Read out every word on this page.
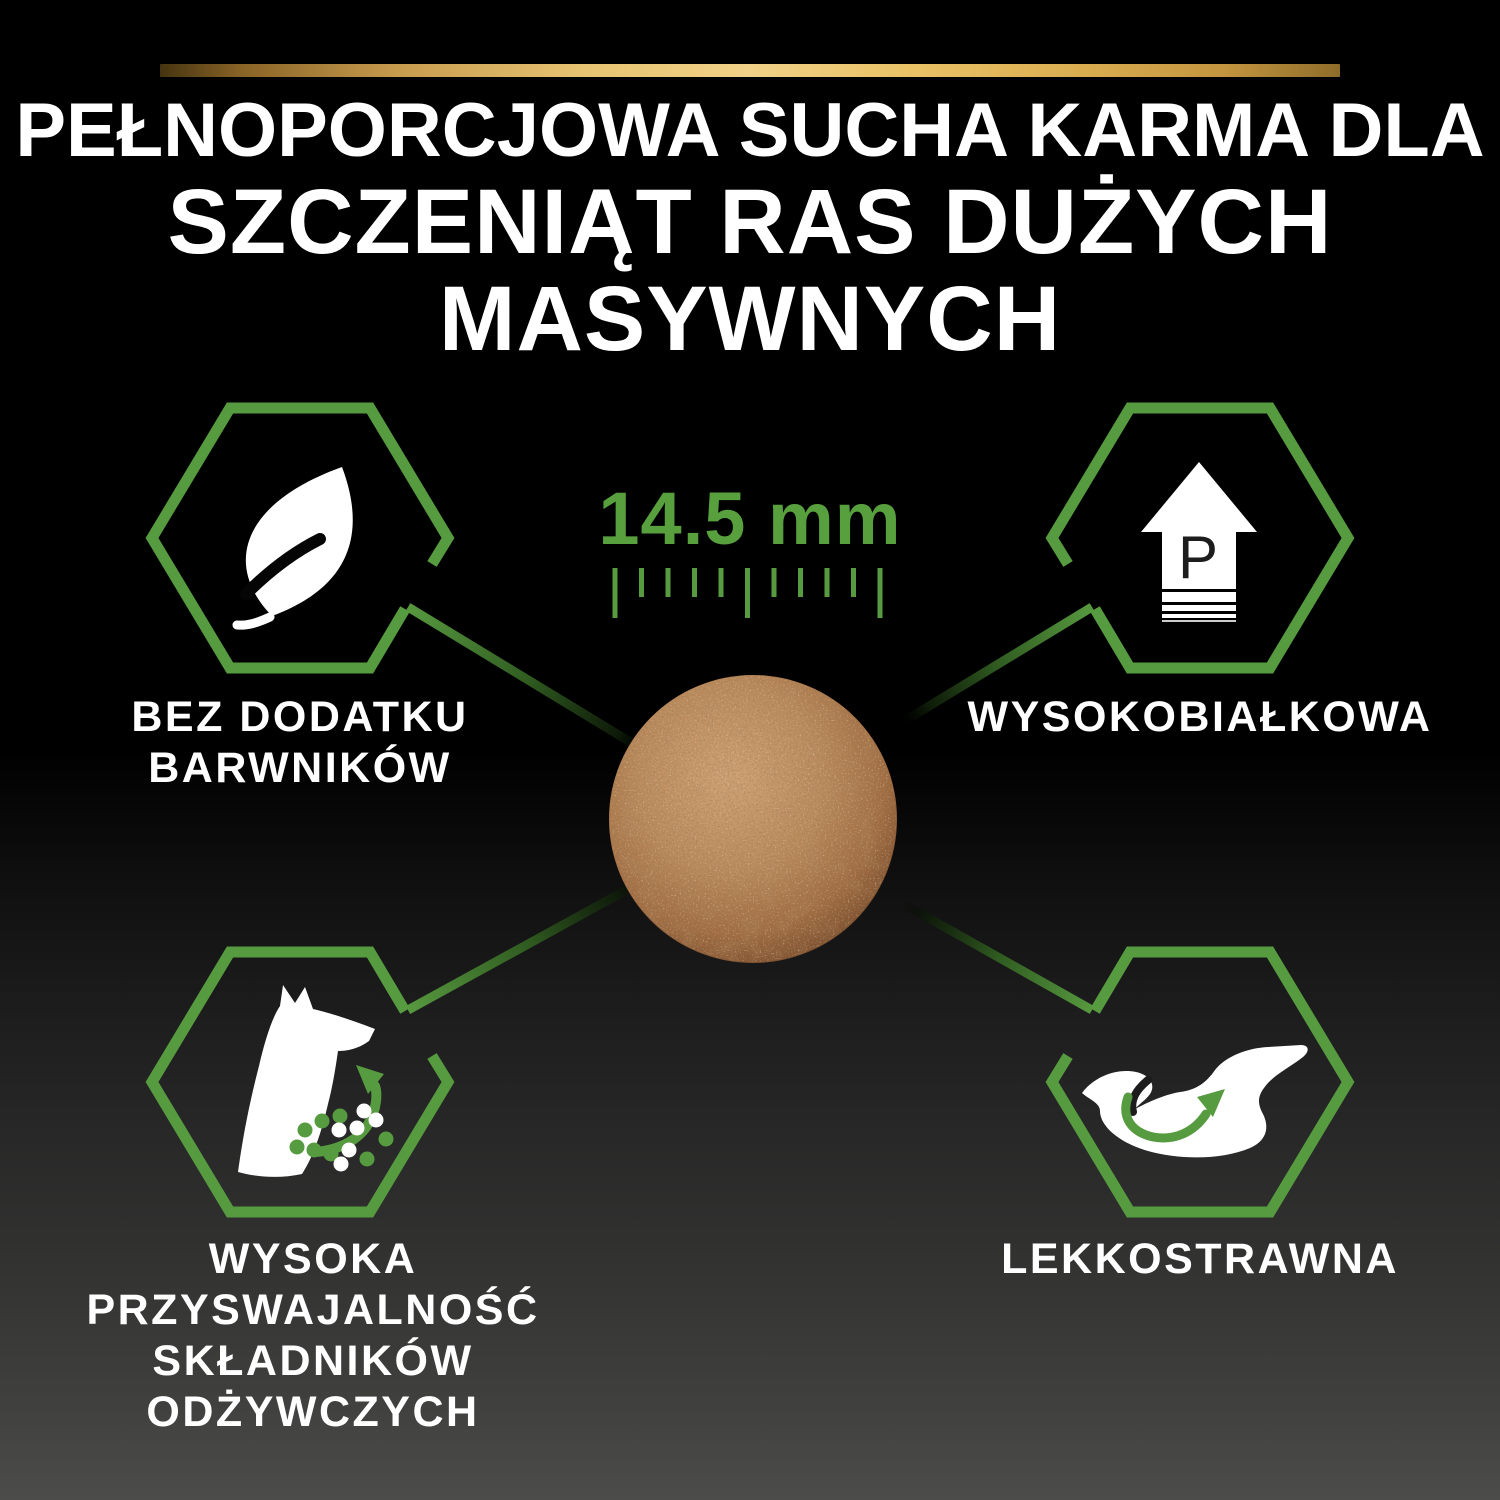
PEŁNOPORCJOWA SUCHA KARMA DLA
SZCZENIĄT RAS DUŻYCH
MASYWNYCH
P
14.5 mm
BEZ DODATKU
BARWNIKÓW
WYSOKOBIAŁKOWA
WYSOKA
PRZYSWAJALNOŚĆ
SKŁADNIKÓW
ODŻYWCZYCH
LEKKOSTRAWNA
